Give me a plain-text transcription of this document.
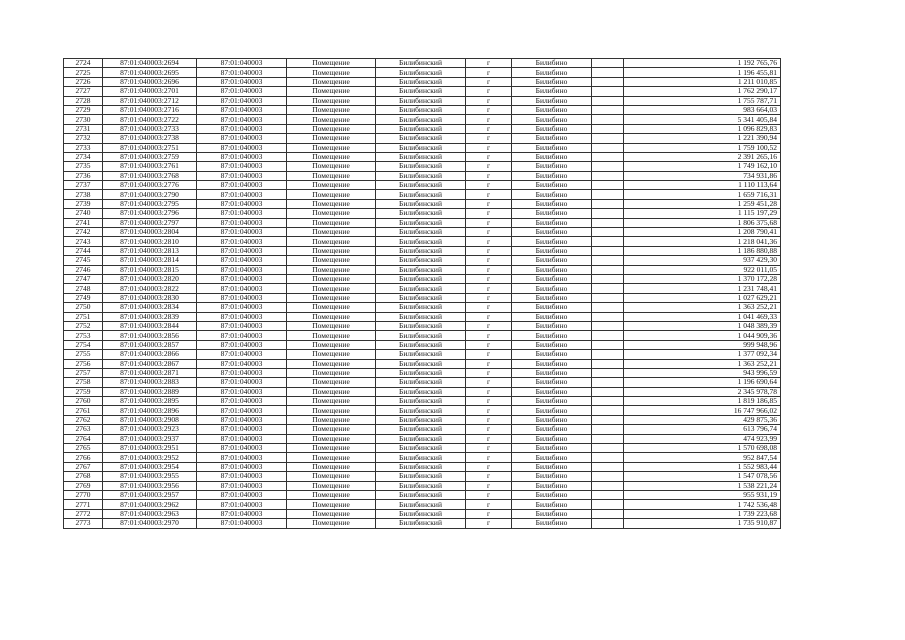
2724	87:01:040003:2694	87:01:040003	Помещение	Билибинский	г	Билибино		1 192 765,76
2725	87:01:040003:2695	87:01:040003	Помещение	Билибинский	г	Билибино		1 196 455,81
2726	87:01:040003:2696	87:01:040003	Помещение	Билибинский	г	Билибино		1 211 010,85
2727	87:01:040003:2701	87:01:040003	Помещение	Билибинский	г	Билибино		1 762 290,17
2728	87:01:040003:2712	87:01:040003	Помещение	Билибинский	г	Билибино		1 755 787,71
2729	87:01:040003:2716	87:01:040003	Помещение	Билибинский	г	Билибино		983 664,03
2730	87:01:040003:2722	87:01:040003	Помещение	Билибинский	г	Билибино		5 341 405,84
2731	87:01:040003:2733	87:01:040003	Помещение	Билибинский	г	Билибино		1 096 829,83
2732	87:01:040003:2738	87:01:040003	Помещение	Билибинский	г	Билибино		1 221 390,94
2733	87:01:040003:2751	87:01:040003	Помещение	Билибинский	г	Билибино		1 759 100,52
2734	87:01:040003:2759	87:01:040003	Помещение	Билибинский	г	Билибино		2 391 265,16
2735	87:01:040003:2761	87:01:040003	Помещение	Билибинский	г	Билибино		1 749 162,10
2736	87:01:040003:2768	87:01:040003	Помещение	Билибинский	г	Билибино		734 931,86
2737	87:01:040003:2776	87:01:040003	Помещение	Билибинский	г	Билибино		1 110 113,64
2738	87:01:040003:2790	87:01:040003	Помещение	Билибинский	г	Билибино		1 659 716,31
2739	87:01:040003:2795	87:01:040003	Помещение	Билибинский	г	Билибино		1 259 451,28
2740	87:01:040003:2796	87:01:040003	Помещение	Билибинский	г	Билибино		1 115 197,29
2741	87:01:040003:2797	87:01:040003	Помещение	Билибинский	г	Билибино		1 806 375,68
2742	87:01:040003:2804	87:01:040003	Помещение	Билибинский	г	Билибино		1 208 790,41
2743	87:01:040003:2810	87:01:040003	Помещение	Билибинский	г	Билибино		1 218 041,36
2744	87:01:040003:2813	87:01:040003	Помещение	Билибинский	г	Билибино		1 186 880,88
2745	87:01:040003:2814	87:01:040003	Помещение	Билибинский	г	Билибино		937 429,30
2746	87:01:040003:2815	87:01:040003	Помещение	Билибинский	г	Билибино		922 011,05
2747	87:01:040003:2820	87:01:040003	Помещение	Билибинский	г	Билибино		1 370 172,28
2748	87:01:040003:2822	87:01:040003	Помещение	Билибинский	г	Билибино		1 231 748,41
2749	87:01:040003:2830	87:01:040003	Помещение	Билибинский	г	Билибино		1 027 629,21
2750	87:01:040003:2834	87:01:040003	Помещение	Билибинский	г	Билибино		1 363 252,21
2751	87:01:040003:2839	87:01:040003	Помещение	Билибинский	г	Билибино		1 041 469,33
2752	87:01:040003:2844	87:01:040003	Помещение	Билибинский	г	Билибино		1 048 389,39
2753	87:01:040003:2856	87:01:040003	Помещение	Билибинский	г	Билибино		1 044 909,36
2754	87:01:040003:2857	87:01:040003	Помещение	Билибинский	г	Билибино		999 948,96
2755	87:01:040003:2866	87:01:040003	Помещение	Билибинский	г	Билибино		1 377 092,34
2756	87:01:040003:2867	87:01:040003	Помещение	Билибинский	г	Билибино		1 363 252,21
2757	87:01:040003:2871	87:01:040003	Помещение	Билибинский	г	Билибино		943 996,59
2758	87:01:040003:2883	87:01:040003	Помещение	Билибинский	г	Билибино		1 196 690,64
2759	87:01:040003:2889	87:01:040003	Помещение	Билибинский	г	Билибино		2 345 978,78
2760	87:01:040003:2895	87:01:040003	Помещение	Билибинский	г	Билибино		1 819 186,85
2761	87:01:040003:2896	87:01:040003	Помещение	Билибинский	г	Билибино		16 747 966,02
2762	87:01:040003:2908	87:01:040003	Помещение	Билибинский	г	Билибино		429 875,36
2763	87:01:040003:2923	87:01:040003	Помещение	Билибинский	г	Билибино		613 796,74
2764	87:01:040003:2937	87:01:040003	Помещение	Билибинский	г	Билибино		474 923,99
2765	87:01:040003:2951	87:01:040003	Помещение	Билибинский	г	Билибино		1 570 698,08
2766	87:01:040003:2952	87:01:040003	Помещение	Билибинский	г	Билибино		952 847,54
2767	87:01:040003:2954	87:01:040003	Помещение	Билибинский	г	Билибино		1 552 983,44
2768	87:01:040003:2955	87:01:040003	Помещение	Билибинский	г	Билибино		1 547 078,56
2769	87:01:040003:2956	87:01:040003	Помещение	Билибинский	г	Билибино		1 538 221,24
2770	87:01:040003:2957	87:01:040003	Помещение	Билибинский	г	Билибино		955 931,19
2771	87:01:040003:2962	87:01:040003	Помещение	Билибинский	г	Билибино		1 742 536,48
2772	87:01:040003:2963	87:01:040003	Помещение	Билибинский	г	Билибино		1 739 223,68
2773	87:01:040003:2970	87:01:040003	Помещение	Билибинский	г	Билибино		1 735 910,87
